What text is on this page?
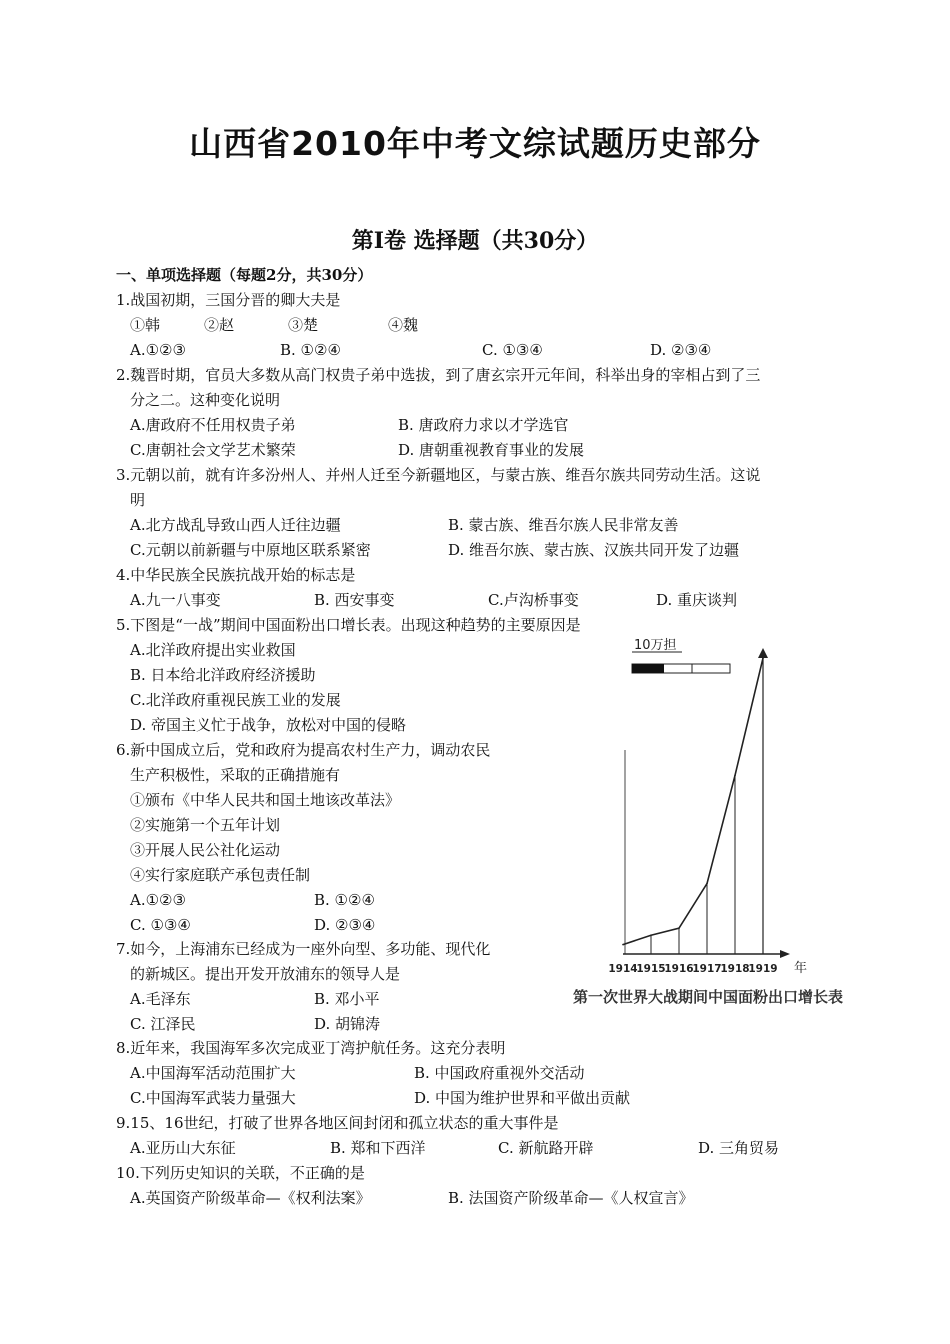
山西省2010年中考文综试题历史部分
第Ⅰ卷 选择题（共30分）
一、单项选择题（每题2分，共30分）
1.战国初期，三国分晋的卿大夫是
①韩	②赵	③楚	④魏
A.①②③	B. ①②④	C. ①③④	D. ②③④
2.魏晋时期，官员大多数从高门权贵子弟中选拔，到了唐玄宗开元年间，科举出身的宰相占到了三
分之二。这种变化说明
A.唐政府不任用权贵子弟	B. 唐政府力求以才学选官
C.唐朝社会文学艺术繁荣	D. 唐朝重视教育事业的发展
3.元朝以前，就有许多汾州人、并州人迁至今新疆地区，与蒙古族、维吾尔族共同劳动生活。这说
明
A.北方战乱导致山西人迁往边疆	B. 蒙古族、维吾尔族人民非常友善
C.元朝以前新疆与中原地区联系紧密	D. 维吾尔族、蒙古族、汉族共同开发了边疆
4.中华民族全民族抗战开始的标志是
A.九一八事变	B. 西安事变	C.卢沟桥事变	D. 重庆谈判
5.下图是“一战”期间中国面粉出口增长表。出现这种趋势的主要原因是
A.北洋政府提出实业救国
B. 日本给北洋政府经济援助
C.北洋政府重视民族工业的发展
D. 帝国主义忙于战争，放松对中国的侵略
6.新中国成立后，党和政府为提高农村生产力，调动农民
生产积极性，采取的正确措施有
①颁布《中华人民共和国土地该改革法》
②实施第一个五年计划
③开展人民公社化运动
④实行家庭联产承包责任制
A.①②③	B. ①②④
C. ①③④	D. ②③④
7.如今，上海浦东已经成为一座外向型、多功能、现代化
的新城区。提出开发开放浦东的领导人是
A.毛泽东	B. 邓小平
C. 江泽民	D. 胡锦涛
8.近年来，我国海军多次完成亚丁湾护航任务。这充分表明
A.中国海军活动范围扩大	B. 中国政府重视外交活动
C.中国海军武装力量强大	D. 中国为维护世界和平做出贡献
9.15、16世纪，打破了世界各地区间封闭和孤立状态的重大事件是
A.亚历山大东征	B. 郑和下西洋	C. 新航路开辟	D. 三角贸易
10.下列历史知识的关联，不正确的是
A.英国资产阶级革命—《权利法案》	B. 法国资产阶级革命—《人权宣言》
10万担
1914
1915
1916
1917
1918
1919 年
第一次世界大战期间中国面粉出口增长表
